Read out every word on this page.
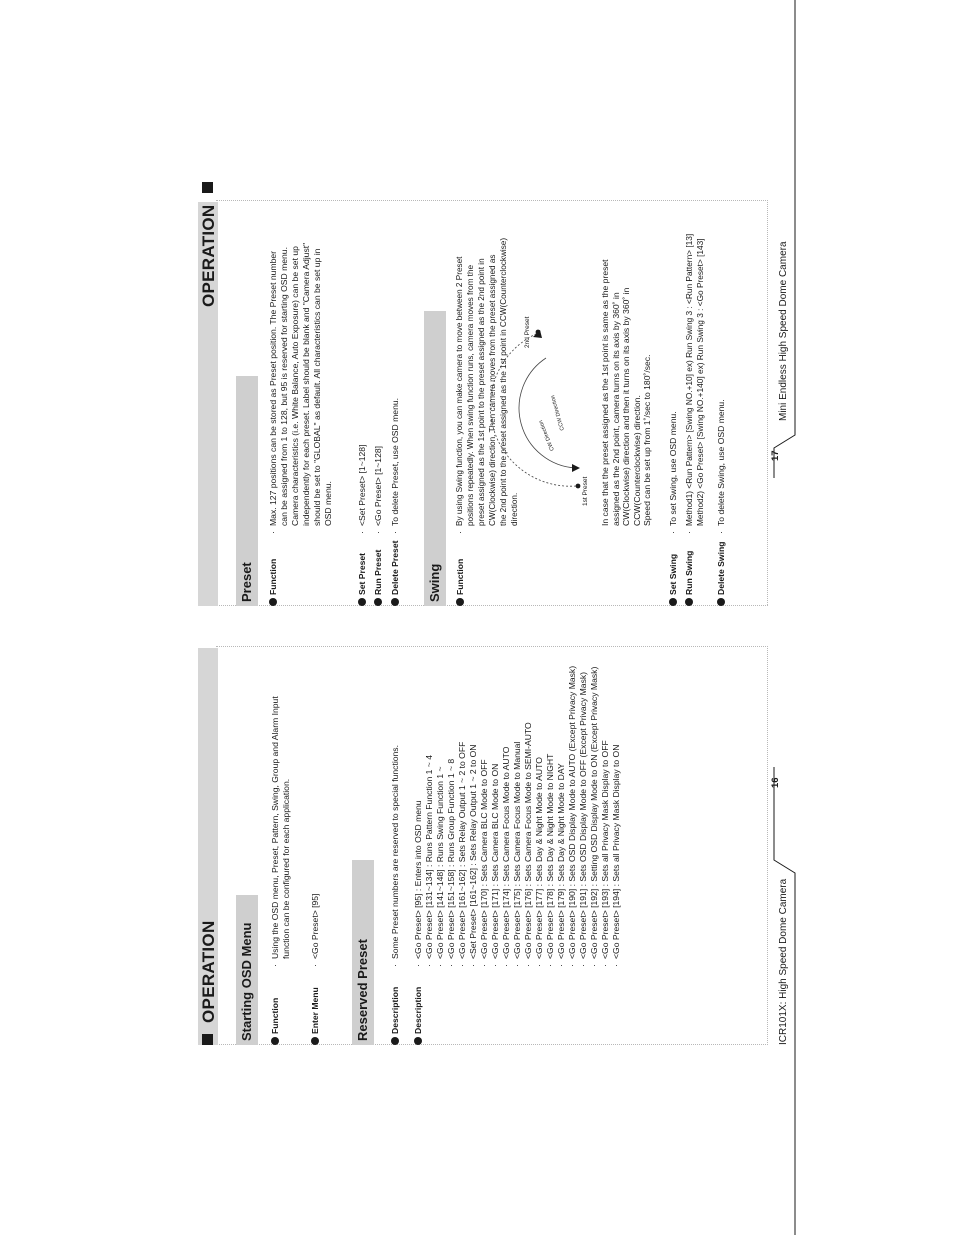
OPERATION Starting OSD Menu	Function
·
Using the OSD menu, Preset, Pattern, Swing, Group and Alarm Input function can be configured for each application.
Enter Menu
·
<Go Preset> [95]
Reserved Preset	Description
·
Some Preset numbers are reserved to special functions.
Description
·<Go Preset> [95] : Enters into OSD menu
·<Go Preset> [131~134] : Runs Pattern Function 1 ~ 4
·<Go Preset> [141~148] : Runs Swing Function 1 ~
·<Go Preset> [151~158] : Runs Group Function 1 ~ 8
·<Go Preset> [161~162] : Sets Relay Output 1 ~ 2 to OFF
·<Set Preset> [161~162] : Sets Relay Output 1 ~ 2 to ON
·<Go Preset> [170] : Sets Camera BLC Mode to OFF
·<Go Preset> [171] : Sets Camera BLC Mode to ON
·<Go Preset> [174] : Sets Camera Focus Mode to AUTO
·<Go Preset> [175] : Sets Camera Focus Mode to Manual
·<Go Preset> [176] : Sets Camera Focus Mode to SEMI-AUTO
·<Go Preset> [177] : Sets Day & Night Mode to AUTO
·<Go Preset> [178] : Sets Day & Night Mode to NIGHT
·<Go Preset> [179] : Sets Day & Night Mode to DAY
·<Go Preset> [190] : Sets OSD Display Mode to AUTO (Except Privacy Mask)
·<Go Preset> [191] : Sets OSD Display Mode to OFF (Except Privacy Mask)
·<Go Preset> [192] : Setting OSD Display Mode to ON (Except Privacy Mask)
·<Go Preset> [193] : Sets all Privacy Mask Display to OFF
·<Go Preset> [194] : Sets all Privacy Mask Display to ON	16
ICR101X: High Speed Dome Camera
OPERATION
Preset	Function
·
Max. 127 positions can be stored as Preset position. The Preset number can be assigned from 1 to 128, but 95 is reserved for starting OSD menu. Camera characteristics (i.e. White Balance, Auto Exposure) can be set up independently for each preset. Label should be blank and "Camera Adjust" should be set to "GLOBAL" as default. All characteristics can be set up in OSD menu.
Set Preset
·
<Set Preset> [1~128]
Run Preset
·
<Go Preset> [1~128]
Delete Preset
·
To delete Preset, use OSD menu.
Swing	Function
·
By using Swing function, you can make camera to move between 2 Preset positions repeatedly. When swing function runs, camera moves from the preset assigned as the 1st point to the preset assigned as the 2nd point in CW(Clockwise) direction. Then camera moves from the preset assigned as the 2nd point to the preset assigned as the 1st point in CCW(Counterclockwise) direction.
1st Preset
2nd Preset
CW Direction
CCW Direction	In case that the preset assigned as the 1st point is same as the preset assigned as the 2nd point, camera turns on its axis by 360˚ in CW(Clockwise) direction and then it turns on its axis by 360˚ in CCW(Counterclockwise) direction. Speed can be set up from 1˚/sec to 180˚/sec.
Set Swing
·
To set Swing, use OSD menu.
Run Swing
·
Method1) <Run Pattern> [Swing NO.+10] ex) Run Swing 3 : <Run Pattern> [13] Method2) <Go Preset> [Swing NO.+140] ex) Run Swing 3 : <Go Preset> [143]
Delete Swing
·
To delete Swing, use OSD menu.	17
Mini Endless High Speed Dome Camera
